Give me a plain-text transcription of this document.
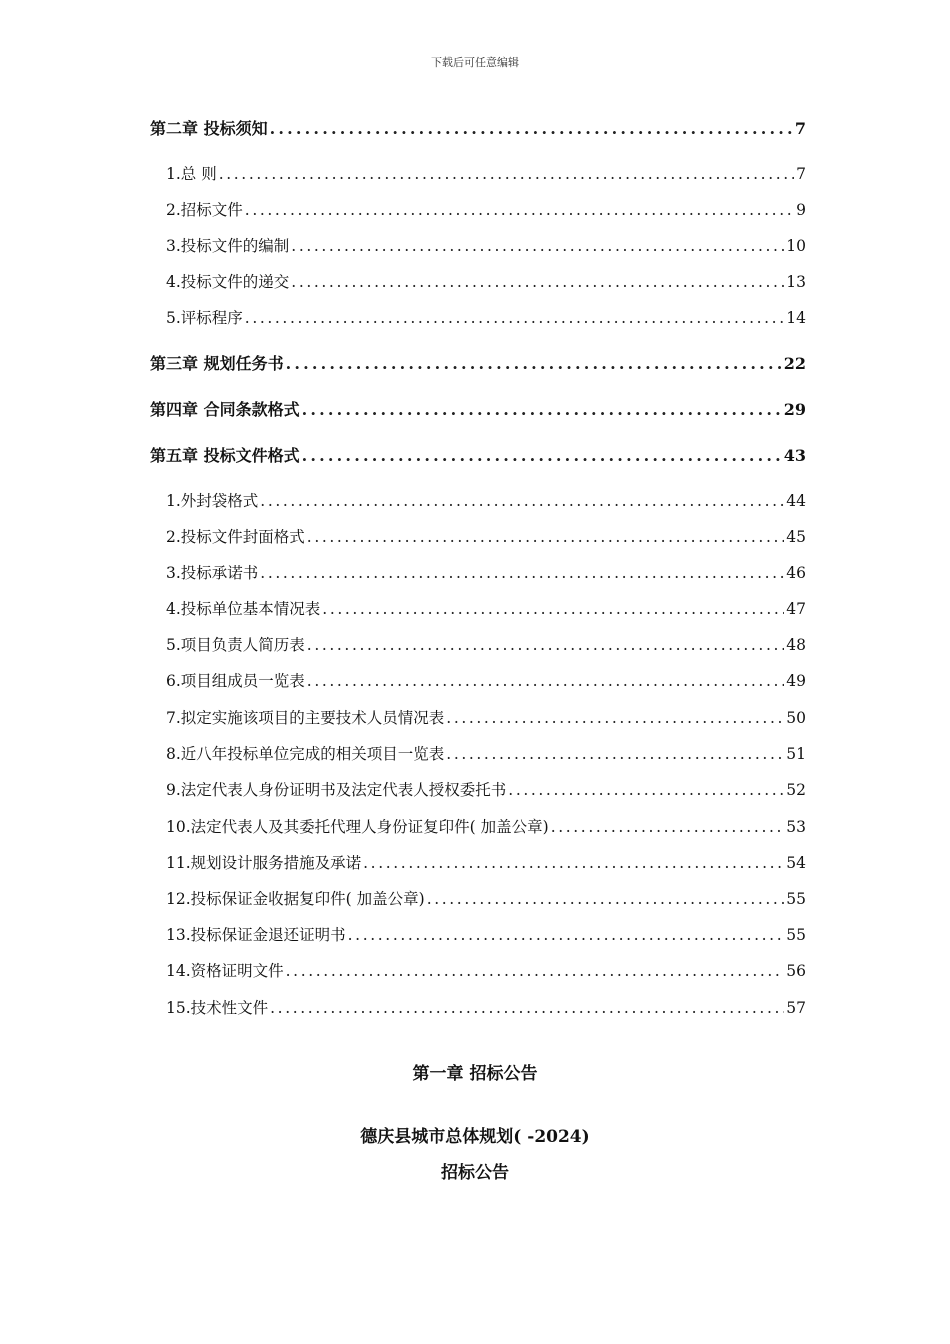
下载后可任意编辑
第二章 投标须知 .....	7
1.总 则 .....	7
2.招标文件 .....	9
3.投标文件的编制 .....	10
4.投标文件的递交 .....	13
5.评标程序 .....	14
第三章 规划任务书 .....	22
第四章 合同条款格式 .....	29
第五章 投标文件格式 .....	43
1.外封袋格式 .....	44
2.投标文件封面格式 .....	45
3.投标承诺书 .....	46
4.投标单位基本情况表 .....	47
5.项目负责人简历表 .....	48
6.项目组成员一览表 .....	49
7.拟定实施该项目的主要技术人员情况表 .....	50
8.近八年投标单位完成的相关项目一览表 .....	51
9.法定代表人身份证明书及法定代表人授权委托书 .....	52
10.法定代表人及其委托代理人身份证复印件( 加盖公章) .....	53
11.规划设计服务措施及承诺 .....	54
12.投标保证金收据复印件( 加盖公章) .....	55
13.投标保证金退还证明书 .....	55
14.资格证明文件 .....	56
15.技术性文件 .....	57
第一章 招标公告
德庆县城市总体规划( -2024)
招标公告
